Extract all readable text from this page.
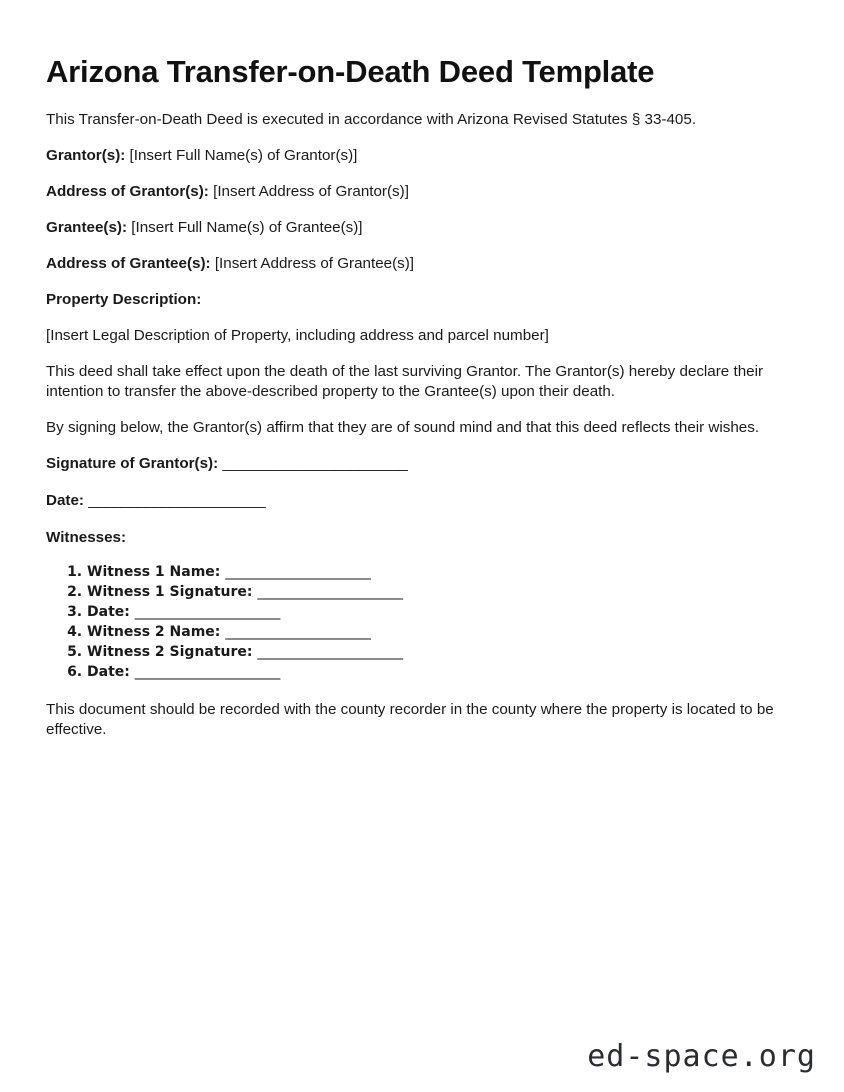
Arizona Transfer-on-Death Deed Template

This Transfer-on-Death Deed is executed in accordance with Arizona Revised Statutes § 33-405.

Grantor(s): [Insert Full Name(s) of Grantor(s)]

Address of Grantor(s): [Insert Address of Grantor(s)]

Grantee(s): [Insert Full Name(s) of Grantee(s)]

Address of Grantee(s): [Insert Address of Grantee(s)]

Property Description:

[Insert Legal Description of Property, including address and parcel number]

This deed shall take effect upon the death of the last surviving Grantor. The Grantor(s) hereby declare their intention to transfer the above-described property to the Grantee(s) upon their death.

By signing below, the Grantor(s) affirm that they are of sound mind and that this deed reflects their wishes.

Signature of Grantor(s): _______________________

Date: ______________________

Witnesses:

1. Witness 1 Name: ______________________
2. Witness 1 Signature: ______________________
3. Date: ______________________
4. Witness 2 Name: ______________________
5. Witness 2 Signature: ______________________
6. Date: ______________________

This document should be recorded with the county recorder in the county where the property is located to be effective.

ed-space.org
